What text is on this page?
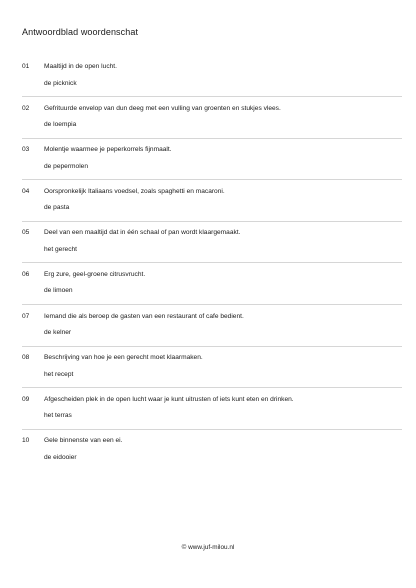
Antwoordblad woordenschat
01 Maaltijd in de open lucht.
de picknick
02 Gefrituurde envelop van dun deeg met een vulling van groenten en stukjes vlees.
de loempia
03 Molentje waarmee je peperkorrels fijnmaalt.
de pepermolen
04 Oorspronkelijk Italiaans voedsel, zoals spaghetti en macaroni.
de pasta
05 Deel van een maaltijd dat in één schaal of pan wordt klaargemaakt.
het gerecht
06 Erg zure, geel-groene citrusvrucht.
de limoen
07 Iemand die als beroep de gasten van een restaurant of cafe bedient.
de kelner
08 Beschrijving van hoe je een gerecht moet klaarmaken.
het recept
09 Afgescheiden plek in de open lucht waar je kunt uitrusten of iets kunt eten en drinken.
het terras
10 Gele binnenste van een ei.
de eidooier
© www.juf-milou.nl
